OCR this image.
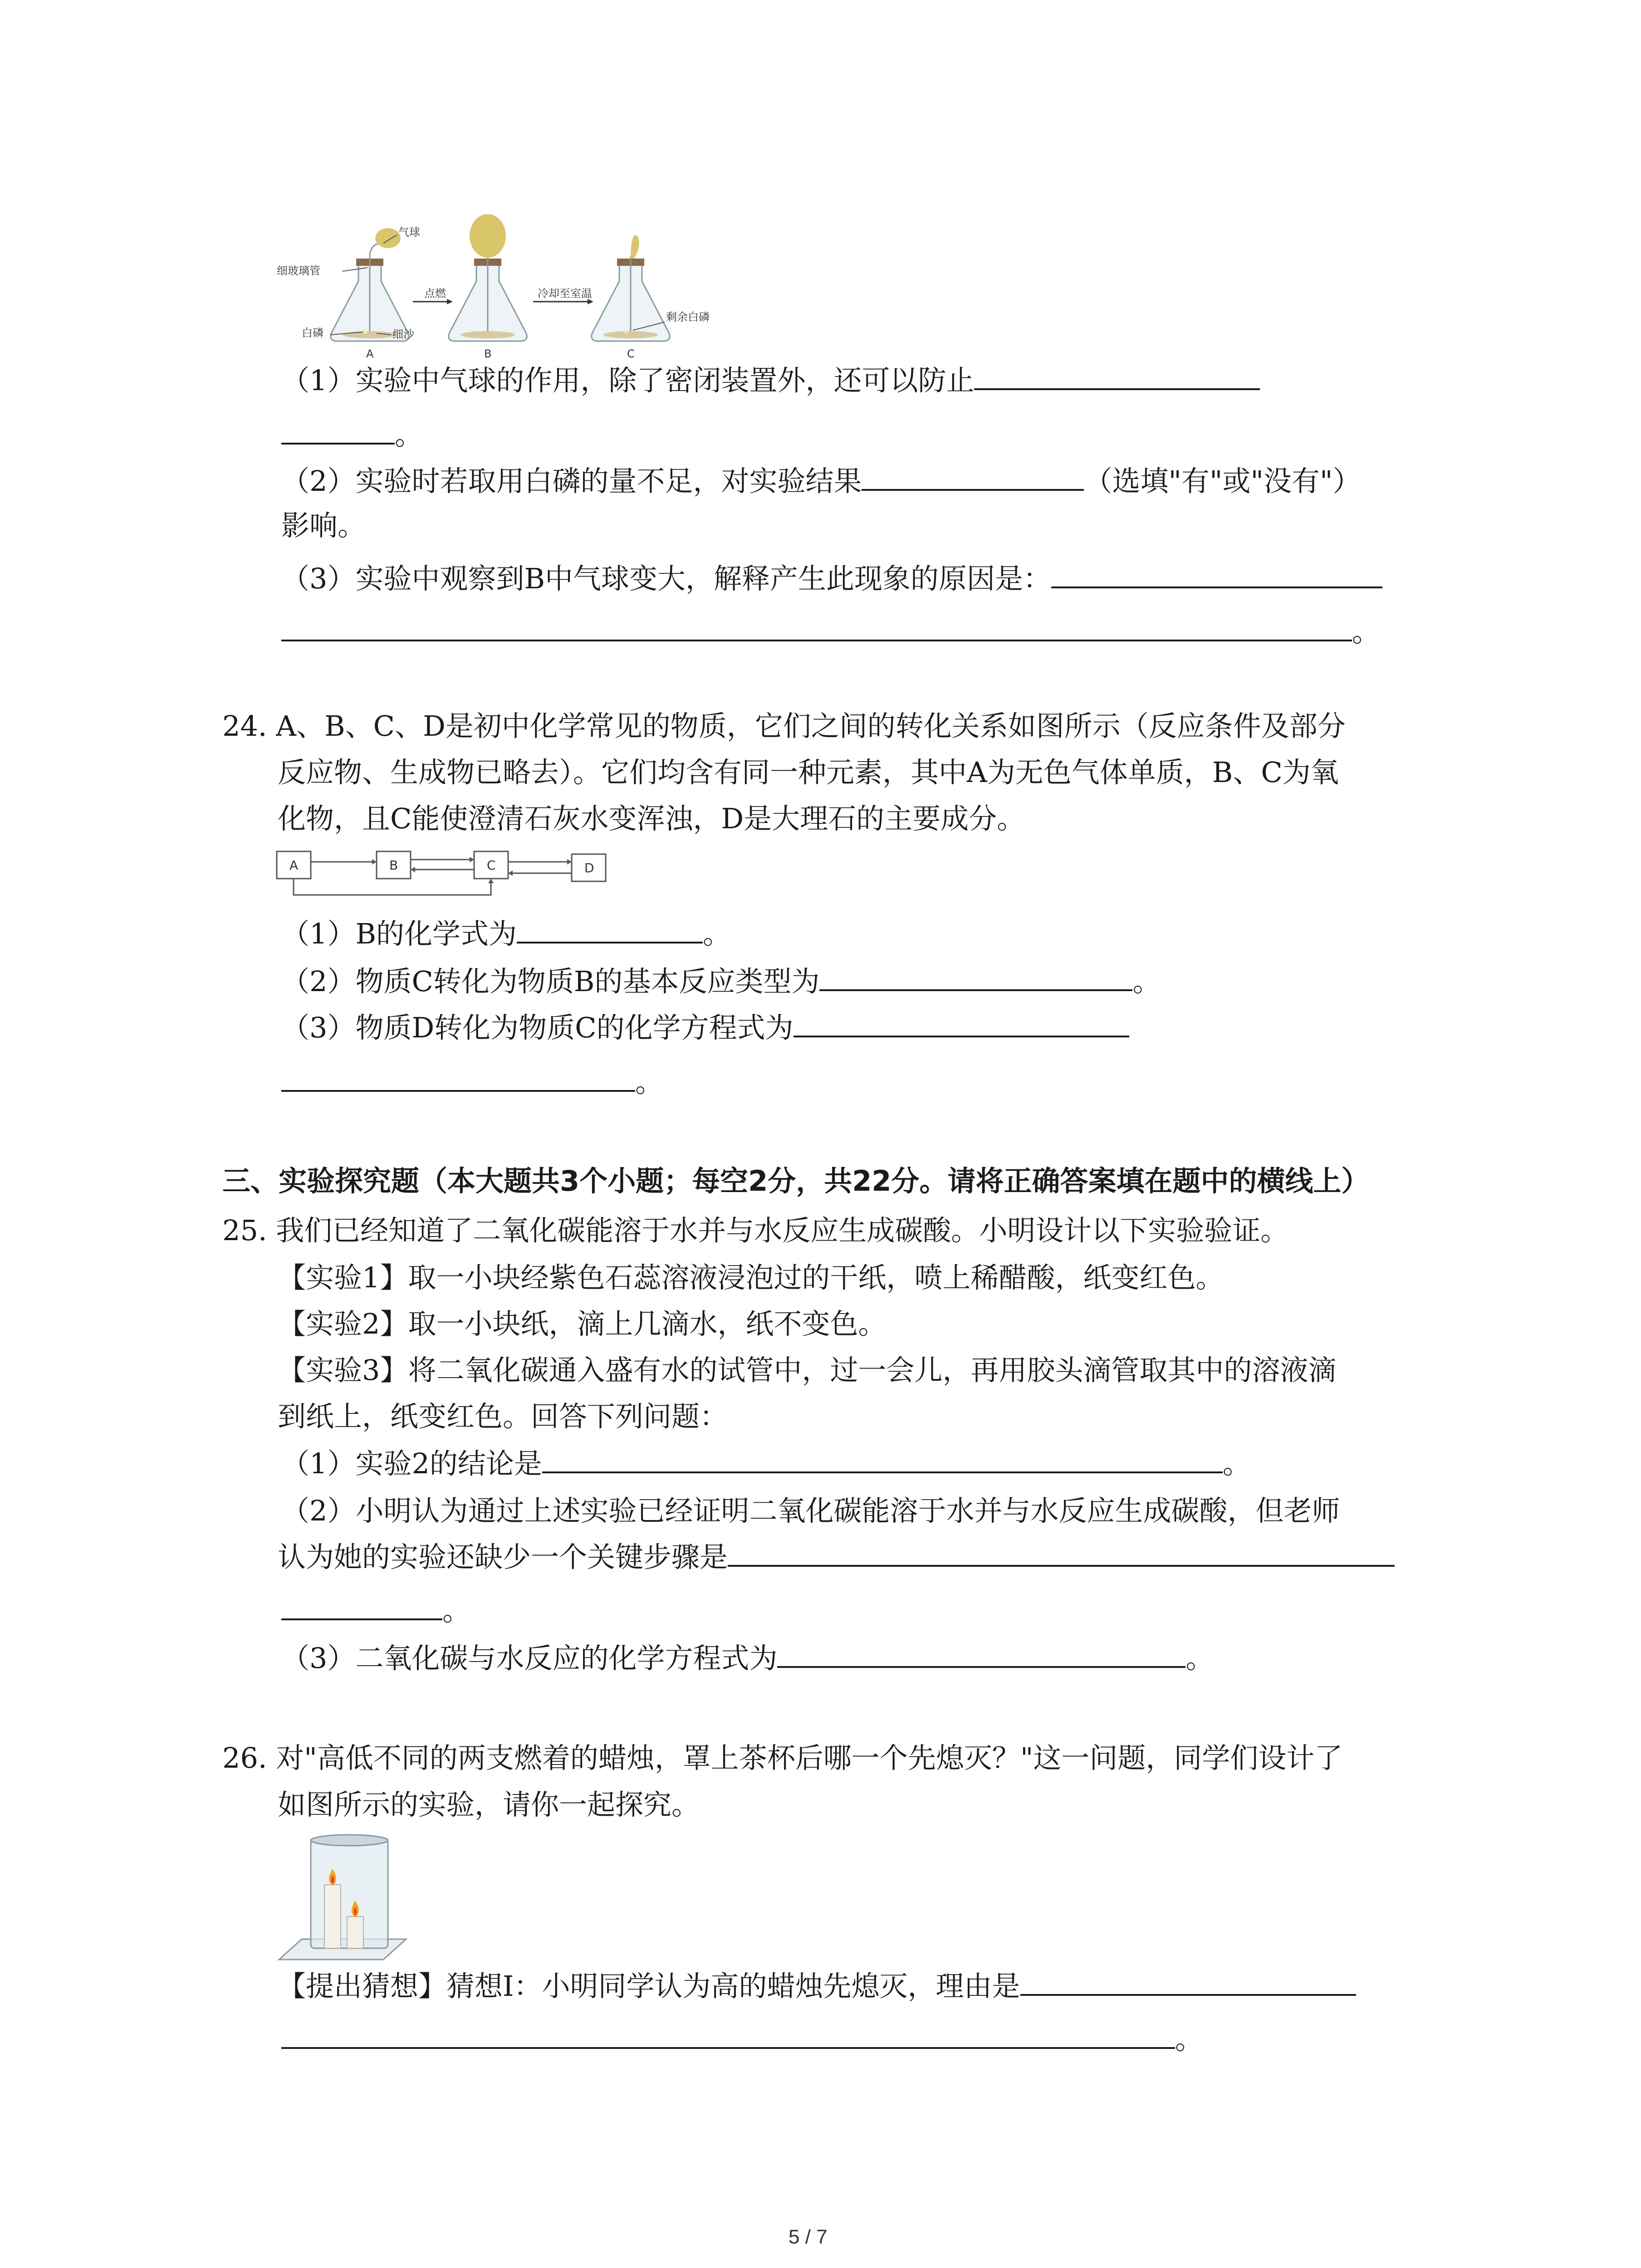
气球
细玻璃管
白磷	细沙
点燃	冷却至室温
剩余白磷
A	B	C
（1）实验中气球的作用，除了密闭装置外，还可以防止
。
（2）实验时若取用白磷的量不足，对实验结果	（选填"有"或"没有"）
影响。
（3）实验中观察到B中气球变大，解释产生此现象的原因是：
。
24. A、B、C、D是初中化学常见的物质，它们之间的转化关系如图所示（反应条件及部分
反应物、生成物已略去）。它们均含有同一种元素，其中A为无色气体单质，B、C为氧
化物，且C能使澄清石灰水变浑浊，D是大理石的主要成分。
A	B	C	D
（1）B的化学式为	。
（2）物质C转化为物质B的基本反应类型为	。
（3）物质D转化为物质C的化学方程式为
。
三、实验探究题（本大题共3个小题；每空2分，共22分。请将正确答案填在题中的横线上）
25. 我们已经知道了二氧化碳能溶于水并与水反应生成碳酸。小明设计以下实验验证。
【实验1】取一小块经紫色石蕊溶液浸泡过的干纸，喷上稀醋酸，纸变红色。
【实验2】取一小块纸，滴上几滴水，纸不变色。
【实验3】将二氧化碳通入盛有水的试管中，过一会儿，再用胶头滴管取其中的溶液滴
到纸上，纸变红色。回答下列问题：
（1）实验2的结论是	。
（2）小明认为通过上述实验已经证明二氧化碳能溶于水并与水反应生成碳酸，但老师
认为她的实验还缺少一个关键步骤是
。
（3）二氧化碳与水反应的化学方程式为	。
26. 对"高低不同的两支燃着的蜡烛，罩上茶杯后哪一个先熄灭？"这一问题，同学们设计了
如图所示的实验，请你一起探究。
【提出猜想】猜想I：小明同学认为高的蜡烛先熄灭，理由是
。
5 / 7
